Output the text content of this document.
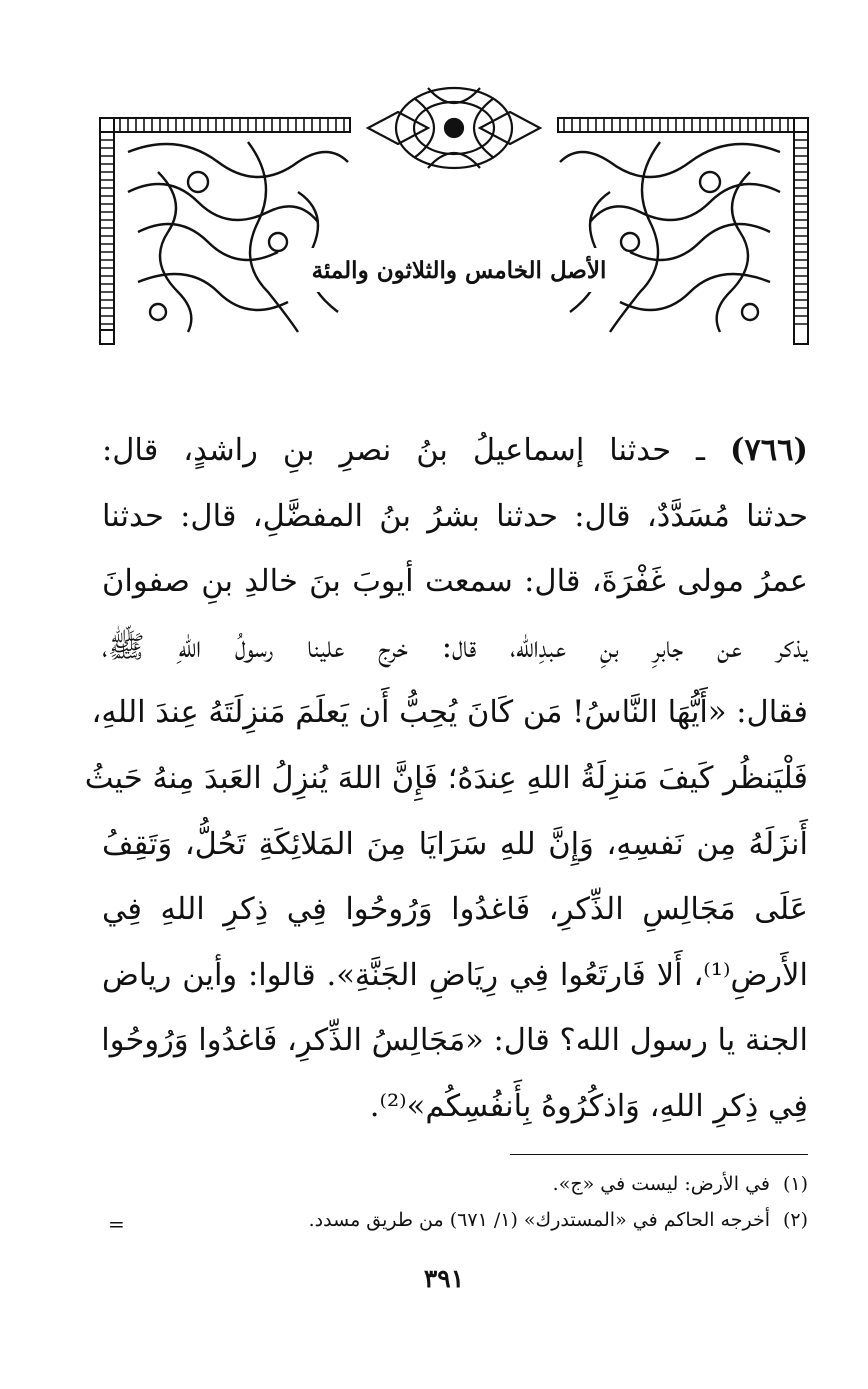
الأصل الخامس والثلاثون والمئة
(٧٦٦) ـ حدثنا إسماعيلُ بنُ نصرِ بنِ راشدٍ، قال:
حدثنا مُسَدَّدٌ، قال: حدثنا بشرُ بنُ المفضَّلِ، قال: حدثنا
عمرُ مولى غَفْرَةَ، قال: سمعت أيوبَ بنَ خالدِ بنِ صفوانَ
يذكر عن جابرِ بنِ عبدِالله، قال: خرج علينا رسولُ اللهِ ﷺ،
فقال: «أَيُّهَا النَّاسُ! مَن كَانَ يُحِبُّ أَن يَعلَمَ مَنزِلَتَهُ عِندَ اللهِ،
فَلْيَنظُر كَيفَ مَنزِلَةُ اللهِ عِندَهُ؛ فَإِنَّ اللهَ يُنزِلُ العَبدَ مِنهُ حَيثُ
أَنزَلَهُ مِن نَفسِهِ، وَإِنَّ للهِ سَرَايَا مِنَ المَلائِكَةِ تَحُلُّ، وَتَقِفُ
عَلَى مَجَالِسِ الذِّكرِ، فَاغدُوا وَرُوحُوا فِي ذِكرِ اللهِ فِي
الأَرضِ⁽¹⁾، أَلا فَارتَعُوا فِي رِيَاضِ الجَنَّةِ». قالوا: وأين رياض
الجنة يا رسول الله؟ قال: «مَجَالِسُ الذِّكرِ، فَاغدُوا وَرُوحُوا
فِي ذِكرِ اللهِ، وَاذكُرُوهُ بِأَنفُسِكُم»⁽²⁾.
(١)
في الأرض: ليست في «ج».
(٢)
أخرجه الحاكم في «المستدرك» (١/ ٦٧١) من طريق مسدد.
=
٣٩١
